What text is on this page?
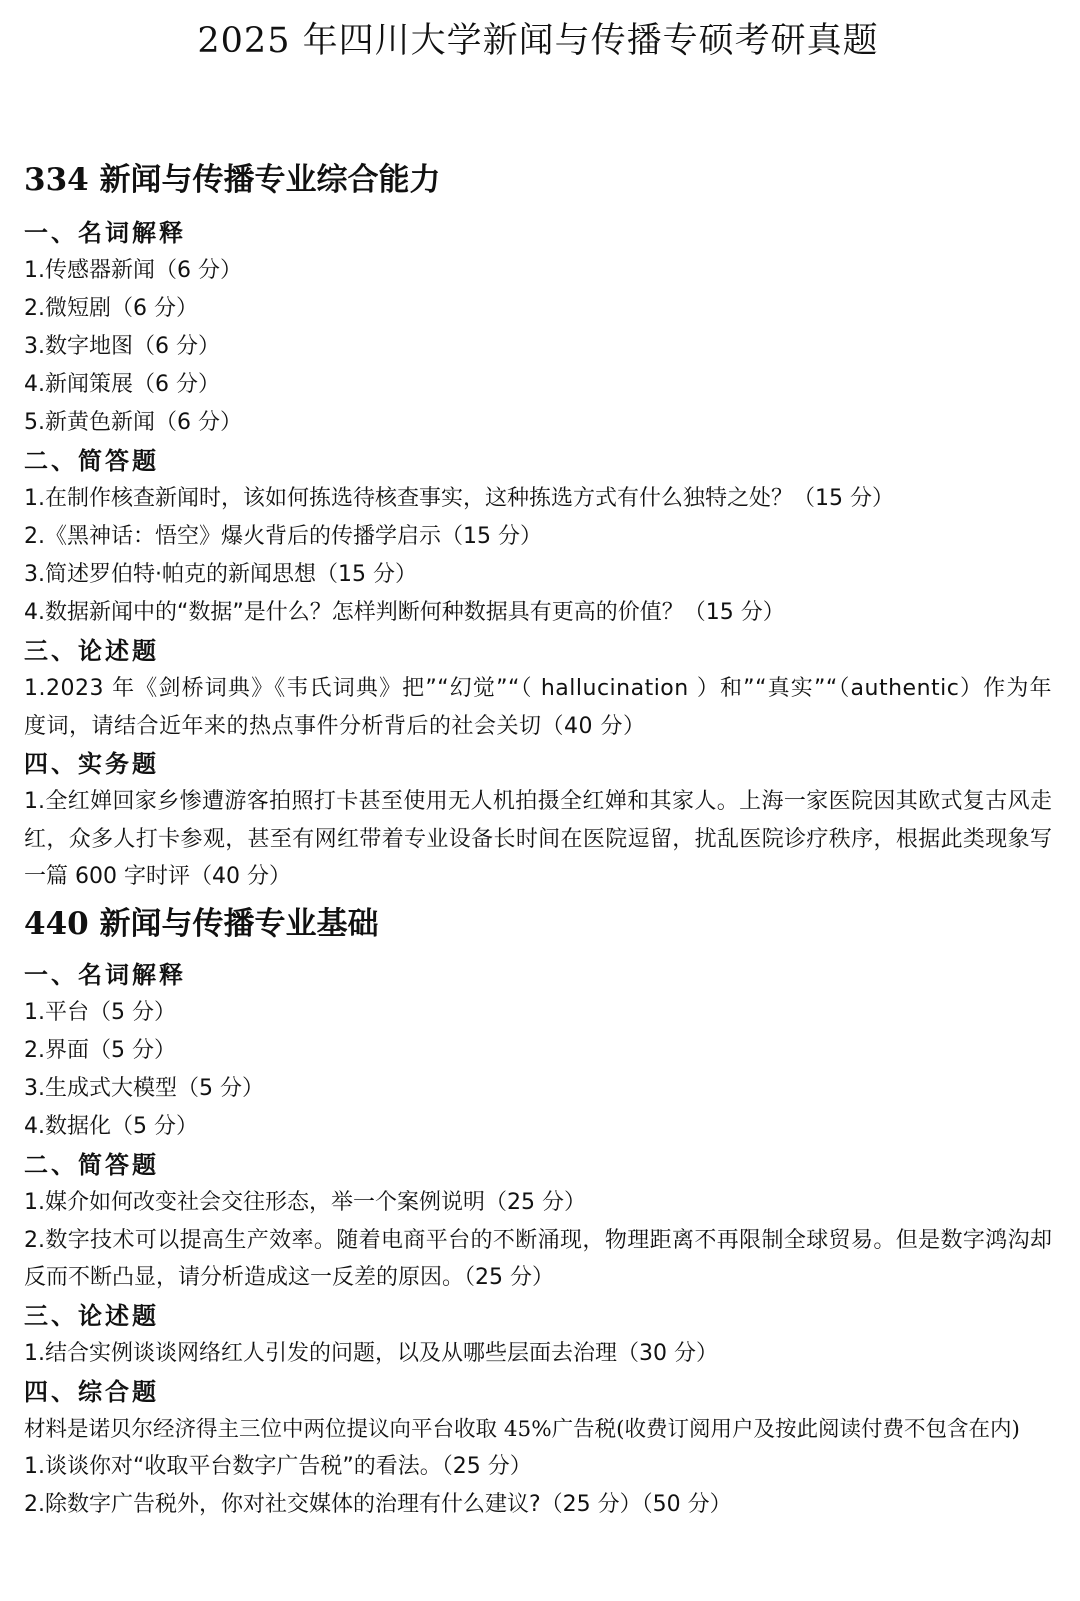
2025 年四川大学新闻与传播专硕考研真题
334 新闻与传播专业综合能力
一、名词解释
1.传感器新闻（6 分）
2.微短剧（6 分）
3.数字地图（6 分）
4.新闻策展（6 分）
5.新黄色新闻（6 分）
二、简答题
1.在制作核查新闻时，该如何拣选待核查事实，这种拣选方式有什么独特之处？（15 分）
2.《黑神话：悟空》爆火背后的传播学启示（15 分）
3.简述罗伯特·帕克的新闻思想（15 分）
4.数据新闻中的“数据”是什么？怎样判断何种数据具有更高的价值？（15 分）
三、论述题
1.2023 年《剑桥词典》《韦氏词典》把”“幻觉”“（ hallucination ）和”“真实”“（authentic）作为年度词，请结合近年来的热点事件分析背后的社会关切（40 分）
四、实务题
1.全红婵回家乡惨遭游客拍照打卡甚至使用无人机拍摄全红婵和其家人。上海一家医院因其欧式复古风走红，众多人打卡参观，甚至有网红带着专业设备长时间在医院逗留，扰乱医院诊疗秩序，根据此类现象写一篇 600 字时评（40 分）
440 新闻与传播专业基础
一、名词解释
1.平台（5 分）
2.界面（5 分）
3.生成式大模型（5 分）
4.数据化（5 分）
二、简答题
1.媒介如何改变社会交往形态，举一个案例说明（25 分）
2.数字技术可以提高生产效率。随着电商平台的不断涌现，物理距离不再限制全球贸易。但是数字鸿沟却反而不断凸显，请分析造成这一反差的原因。（25 分）
三、论述题
1.结合实例谈谈网络红人引发的问题，以及从哪些层面去治理（30 分）
四、综合题
材料是诺贝尔经济得主三位中两位提议向平台收取 45%广告税(收费订阅用户及按此阅读付费不包含在内)
1.谈谈你对“收取平台数字广告税”的看法。（25 分）
2.除数字广告税外，你对社交媒体的治理有什么建议?（25 分）（50 分）
